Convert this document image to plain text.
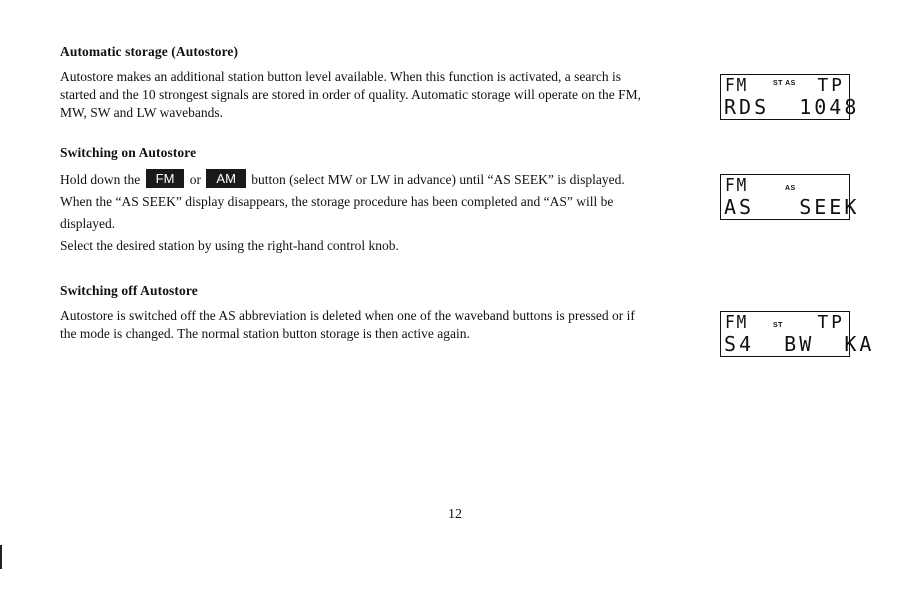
Automatic storage (Autostore)

Autostore makes an additional station button level available. When this function is activated, a search is started and the 10 strongest signals are stored in order of quality. Automatic storage will operate on the FM, MW, SW and LW wavebands.

Switching on Autostore

Hold down the FM or AM button (select MW or LW in advance) until “AS SEEK” is displayed.

When the “AS SEEK” display disappears, the storage procedure has been completed and “AS” will be displayed.

Select the desired station by using the right-hand control knob.

Switching off Autostore

Autostore is switched off the AS abbreviation is deleted when one of the waveband buttons is pressed or if the mode is changed. The normal station button storage is then active again.

FM	ST AS TP
RDS  1048
FM	AS
AS   SEEK
FM	ST TP
S4  BW  KA
12
